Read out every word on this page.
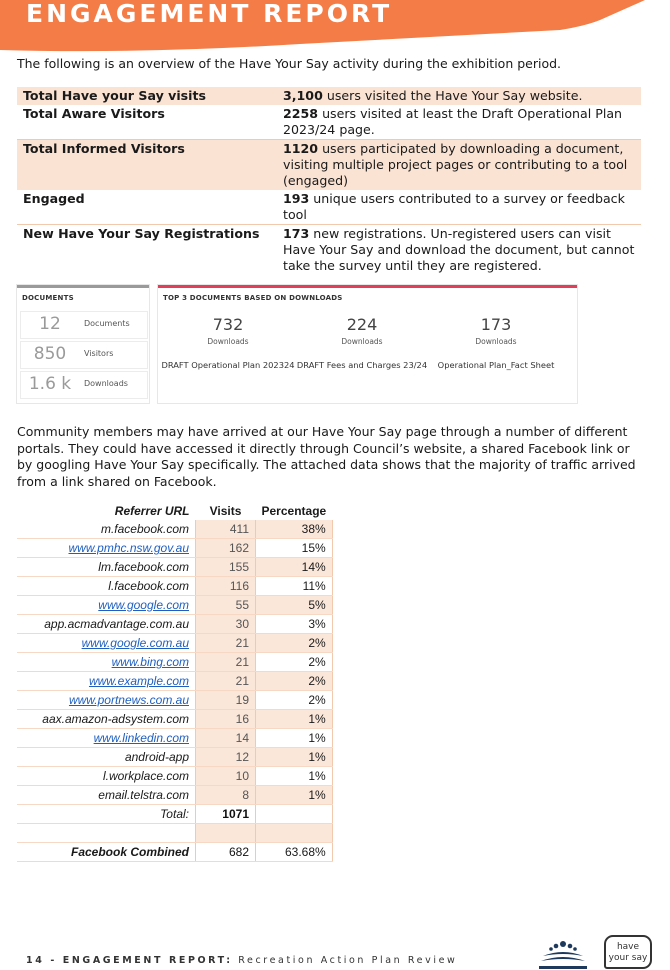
ENGAGEMENT REPORT
The following is an overview of the Have Your Say activity during the exhibition period.
Total Have your Say visits	3,100 users visited the Have Your Say website.
Total Aware Visitors	2258 users visited at least the Draft Operational Plan 2023/24 page.
Total Informed Visitors	1120 users participated by downloading a document, visiting multiple project pages or contributing to a tool (engaged)
Engaged	193 unique users contributed to a survey or feedback tool
New Have Your Say Registrations	173 new registrations. Un-registered users can visit Have Your Say and download the document, but cannot take the survey until they are registered.
DOCUMENTS
12	Documents
850	Visitors
1.6 k	Downloads
TOP 3 DOCUMENTS BASED ON DOWNLOADS
732
Downloads
DRAFT Operational Plan 202324
224
Downloads
DRAFT Fees and Charges 23/24
173
Downloads
Operational Plan_Fact Sheet
Community members may have arrived at our Have Your Say page through a number of different portals. They could have accessed it directly through Council’s website, a shared Facebook link or by googling Have Your Say specifically. The attached data shows that the majority of traffic arrived from a link shared on Facebook.
Referrer URL	Visits	Percentage
m.facebook.com	411	38%
www.pmhc.nsw.gov.au	162	15%
lm.facebook.com	155	14%
l.facebook.com	116	11%
www.google.com	55	5%
app.acmadvantage.com.au	30	3%
www.google.com.au	21	2%
www.bing.com	21	2%
www.example.com	21	2%
www.portnews.com.au	19	2%
aax.amazon-adsystem.com	16	1%
www.linkedin.com	14	1%
android-app	12	1%
l.workplace.com	10	1%
email.telstra.com	8	1%
Total:	1071	

Facebook Combined	682	63.68%
14 - ENGAGEMENT REPORT: Recreation Action Plan Review
have
your say
